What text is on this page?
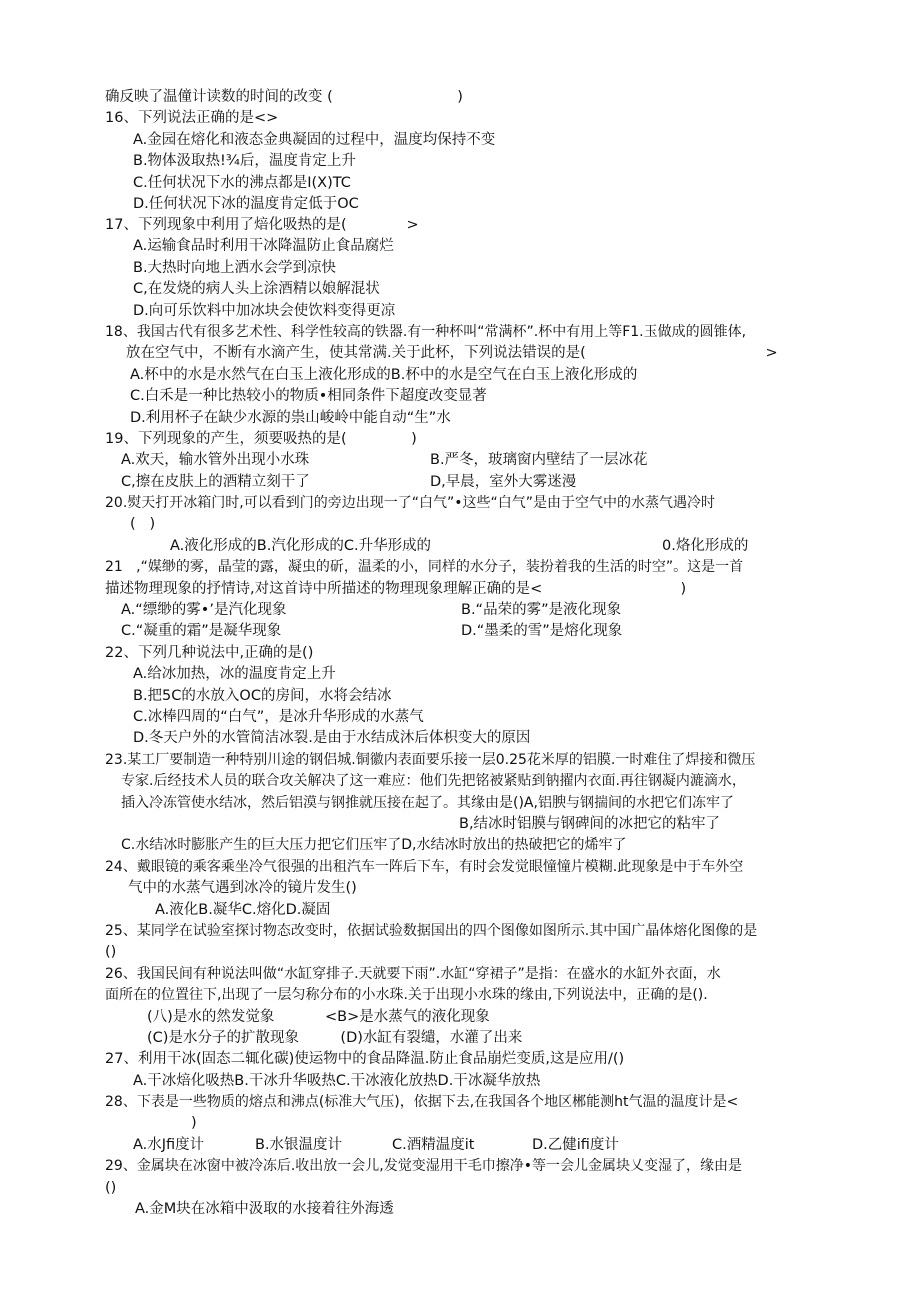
确反映了温僮计读数的时间的改变 (                           )

16、下列说法正确的是<>

A.金园在熔化和液态金典凝固的过程中，温度均保持不变

B.物体汲取热!¾后，温度肯定上升

C.任何状况下水的沸点都是I(X)TC

D.任何状况下冰的温度肯定低于OC

17、下列现象中利用了焙化吸热的是(             >

A.运输食品时利用干冰降温防止食品腐烂

B.大热时向地上洒水会学到凉快

C,在发烧的病人头上涂酒精以娘解混状

D.向可乐饮料中加冰块会使饮料变得更凉

18、我国古代有很多艺术性、科学性较高的铁器.有一种杯叫“常满杯”.杯中有用上等F1.玉做成的圆锥体,

放在空气中，不断有水滴产生，使其常满.关于此杯，下列说法错误的是(                                       >

A.杯中的水是水然气在白玉上液化形成的B.杯中的水是空气在白玉上液化形成的

C.白禾是一种比热较小的物质•相同条件下超度改变显著

D.利用杯子在缺少水源的祟山峻岭中能自动“生”水

19、下列现象的产生，须要吸热的是(              )

A.欢天，输水管外出现小水珠	B.严冬，玻璃窗内壁结了一层冰花

C,擦在皮肤上的酒精立刻干了	D,早晨，室外大雾迷漫

20.熨天打开冰箱门时,可以看到门的旁边出现一了“白气”•这些“白气”是由于空气中的水蒸气遇冷时

(   )

A.液化形成的B.汽化形成的C.升华形成的	0.烙化形成的

21   ,“媒缈的雾，晶莹的露，凝虫的斫，温柔的小，同样的水分子，装扮着我的生活的时空”。这是一首

描述物理现象的抒情诗,对这首诗中所描述的物理现象理解正确的是<                              )

A.“缥缈的雾•’是汽化现象	B.“品荣的雾”是液化现象

C.“凝重的霜”是凝华现象	D.“墨柔的雪”是熔化现象

22、下列几种说法中,正确的是()

A.给冰加热，冰的温度肯定上升

B.把5C的水放入OC的房间，水将会结冰

C.冰棒四周的“白气”，是冰升华形成的水蒸气

D.冬天户外的水管简洁冰裂.是由于水结成沐后体枳变大的原因

23.某工厂要制造一种特别川途的钢侣城.铜徽内表面要乐接一层0.25花米厚的铝膜.一时难住了焊接和微压

专家.后经技术人员的联合攻关解决了这一难应：他们先把铭被紧贴到钠擢内衣面.再往钢凝内漉滴水，

插入冷冻管使水结冰，然后铝漠与钢推就压接在起了。其缘由是()A,铝腴与钢揣间的水把它们冻牢了

B,结冰时铝膜与钢碑间的冰把它的粘牢了

C.水结冰时膨胀产生的巨大压力把它们压牢了D,水结冰时放出的热破把它的烯牢了

24、戴眼镜的乘客乘坐冷气很强的出租汽车一阵后下车，有时会发觉眼憧憧片模糊.此现象是中于车外空

气中的水蒸气遇到冰冷的镜片发生()

A.液化B.凝华C.熔化D.凝固

25、某同学在试验室探讨物态改变时，依据试验数据国出的四个图像如图所示.其中国广晶体熔化图像的是

()

26、我国民间有种说法叫做“水缸穿排子.天就要下雨”.水缸“穿裙子”是指：在盛水的水缸外衣面，水

面所在的位置往下,出现了一层匀称分布的小水珠.关于出现小水珠的缘由,下列说法中，正确的是().

(八)是水的然发觉象           <B>是水蒸气的液化现象

(C)是水分子的扩散现象         (D)水缸有裂缱，水灌了出来

27、利用干冰(固态二辄化碳)使运物中的食品降温.防止食品崩烂变质,这是应用/()

A.干冰焙化吸热B.干冰升华吸热C.干冰液化放热D.干冰凝华放热

28、下表是一些物质的熔点和沸点(标准大气压)，依据下去,在我国各个地区郴能测ht气温的温度计是<

)

A.水Jfi度计	B.水银温度计	C.酒精温度it	D.乙健ifi度计

29、金属块在冰窗中被冷冻后.收出放一会儿,发觉变湿用干毛巾擦净•等一会儿金属块乂变湿了，缘由是

()

A.金M块在冰箱中汲取的水接着往外海透
